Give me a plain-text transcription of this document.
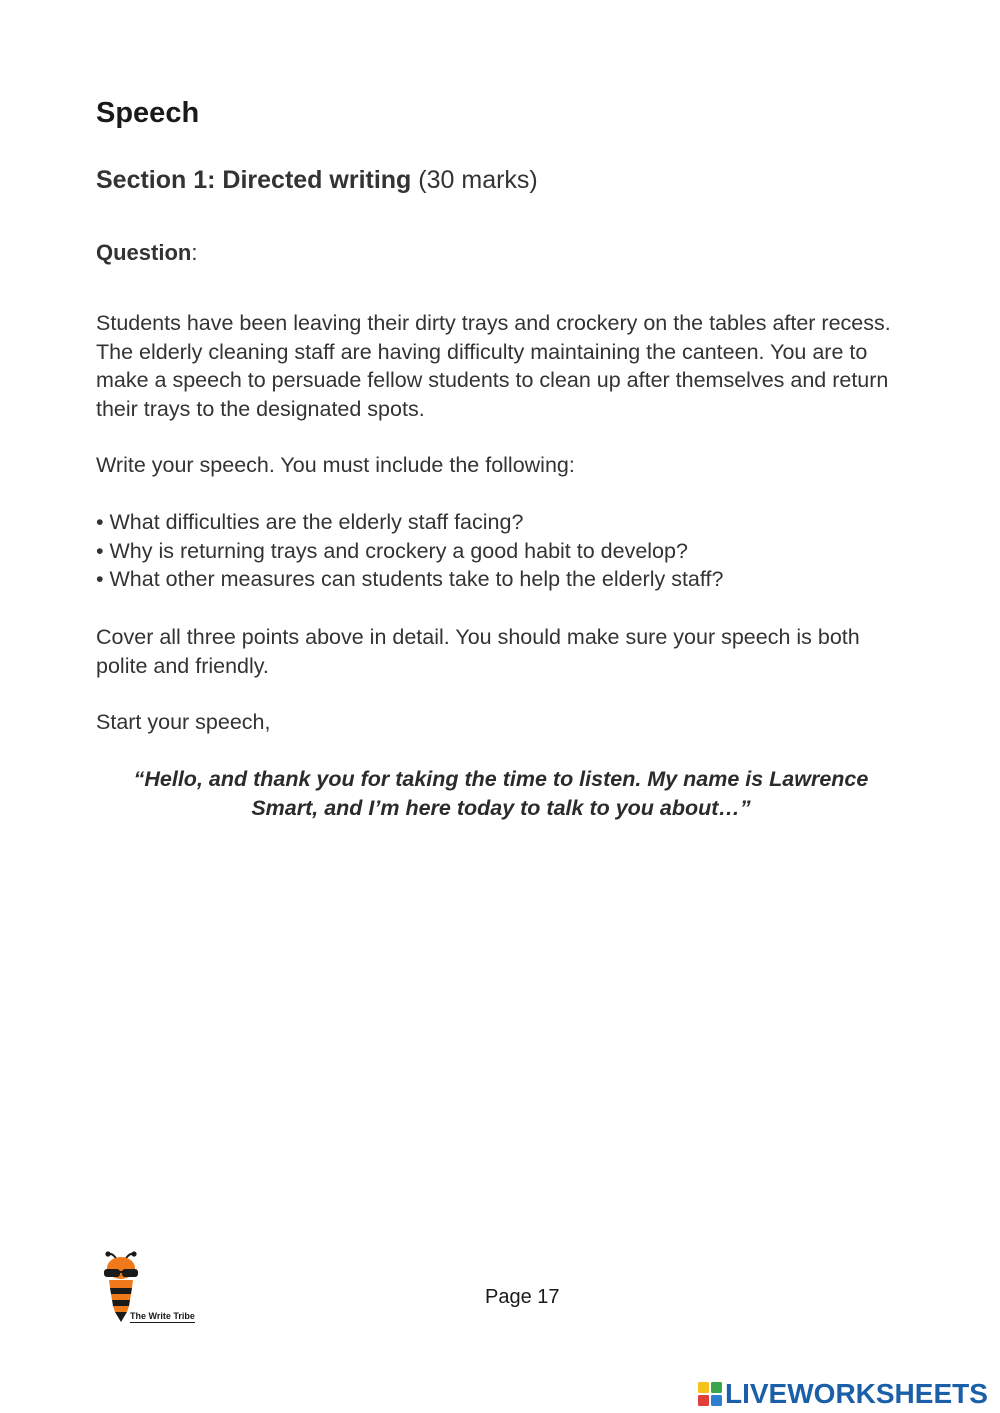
Speech

Section 1: Directed writing (30 marks)

Question:

Students have been leaving their dirty trays and crockery on the tables after recess. The elderly cleaning staff are having difficulty maintaining the canteen. You are to make a speech to persuade fellow students to clean up after themselves and return their trays to the designated spots.

Write your speech. You must include the following:

• What difficulties are the elderly staff facing?
• Why is returning trays and crockery a good habit to develop?
• What other measures can students take to help the elderly staff?

Cover all three points above in detail. You should make sure your speech is both polite and friendly.

Start your speech,

“Hello, and thank you for taking the time to listen. My name is Lawrence
Smart, and I’m here today to talk to you about…”

The Write Tribe

Page 17

LIVEWORKSHEETS
